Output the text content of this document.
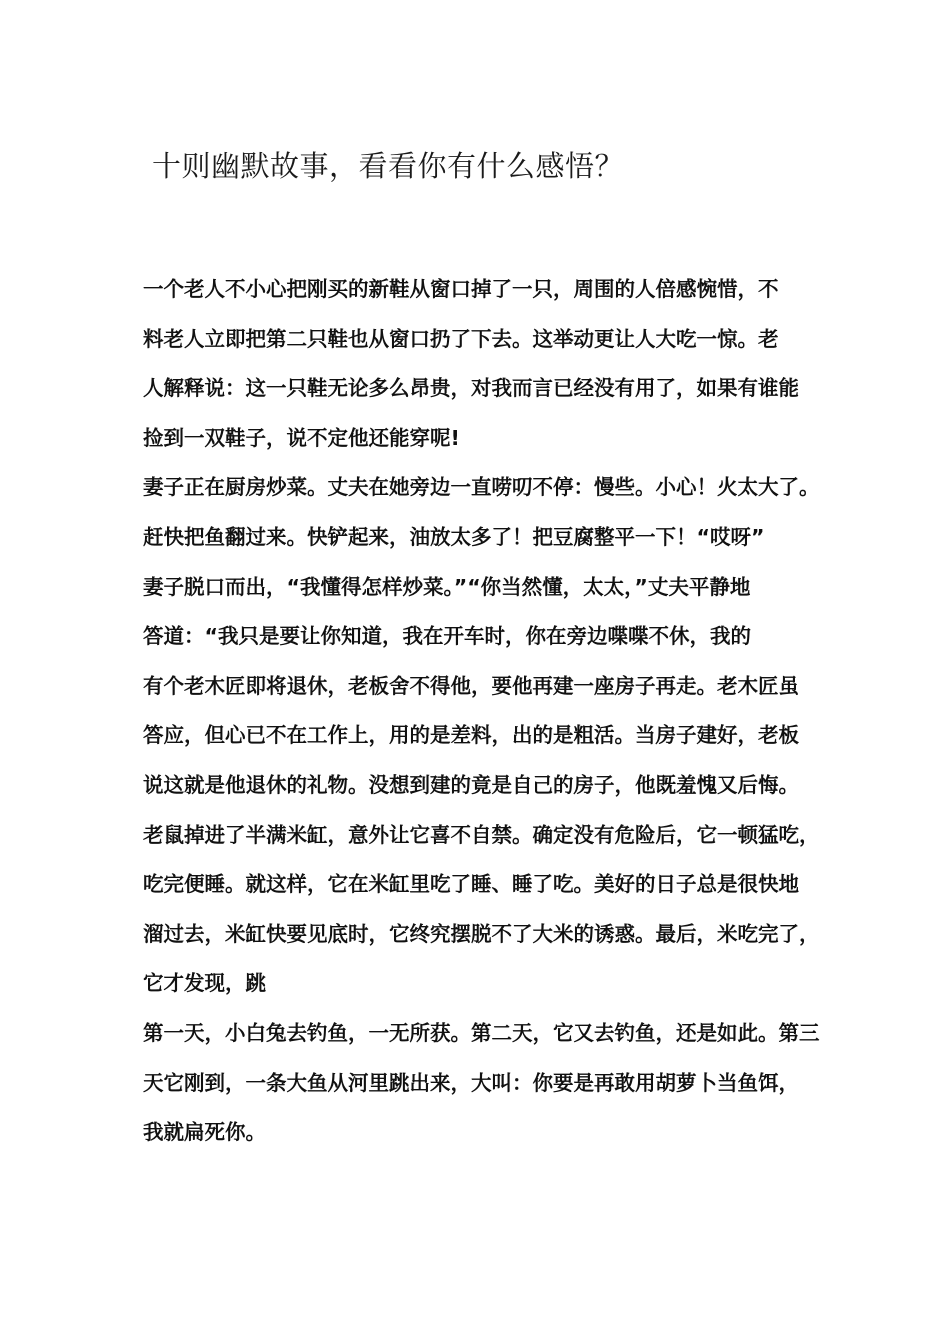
十则幽默故事，看看你有什么感悟？
一个老人不小心把刚买的新鞋从窗口掉了一只，周围的人倍感惋惜，不
料老人立即把第二只鞋也从窗口扔了下去。这举动更让人大吃一惊。老
人解释说：这一只鞋无论多么昂贵，对我而言已经没有用了，如果有谁能
捡到一双鞋子，说不定他还能穿呢!
妻子正在厨房炒菜。丈夫在她旁边一直唠叨不停：慢些。小心！火太大了。
赶快把鱼翻过来。快铲起来，油放太多了！把豆腐整平一下！“哎呀”
妻子脱口而出，“我懂得怎样炒菜。”“你当然懂，太太，”丈夫平静地
答道：“我只是要让你知道，我在开车时，你在旁边喋喋不休，我的
有个老木匠即将退休，老板舍不得他，要他再建一座房子再走。老木匠虽
答应，但心已不在工作上，用的是差料，出的是粗活。当房子建好，老板
说这就是他退休的礼物。没想到建的竟是自己的房子，他既羞愧又后悔。
老鼠掉进了半满米缸，意外让它喜不自禁。确定没有危险后，它一顿猛吃，
吃完便睡。就这样，它在米缸里吃了睡、睡了吃。美好的日子总是很快地
溜过去，米缸快要见底时，它终究摆脱不了大米的诱惑。最后，米吃完了，
它才发现，跳
第一天，小白兔去钓鱼，一无所获。第二天，它又去钓鱼，还是如此。第三
天它刚到，一条大鱼从河里跳出来，大叫：你要是再敢用胡萝卜当鱼饵，
我就扁死你。
